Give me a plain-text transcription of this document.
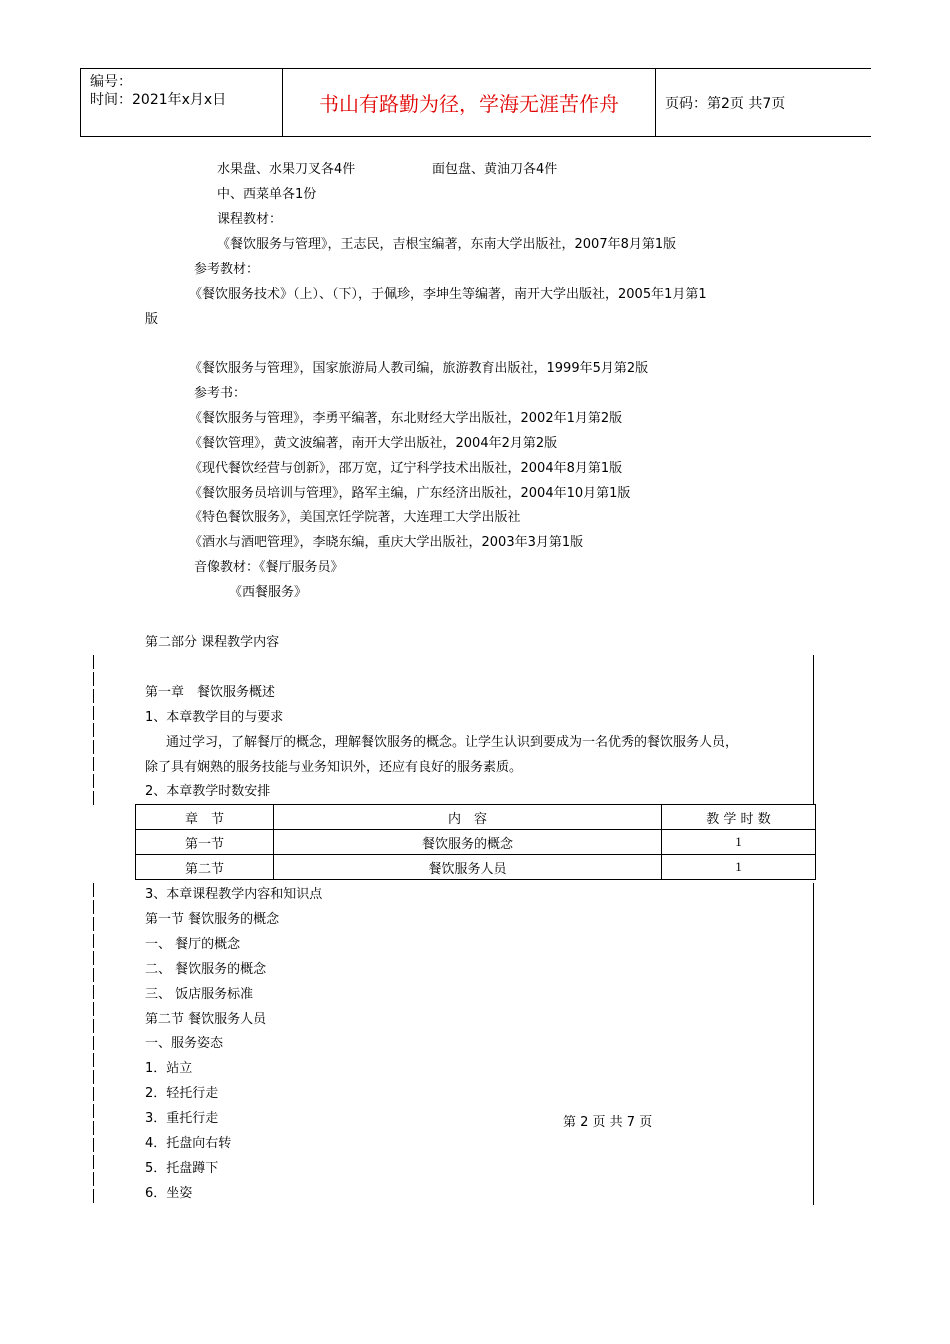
编号：
时间：2021年x月x日	书山有路勤为径，学海无涯苦作舟	页码：第2页 共7页
水果盘、水果刀叉各4件	面包盘、黄油刀各4件
中、西菜单各1份
课程教材：
《餐饮服务与管理》，王志民，吉根宝编著，东南大学出版社，2007年8月第1版
参考教材：
《餐饮服务技术》（上）、（下），于佩珍，李坤生等编著，南开大学出版社，2005年1月第1
版
《餐饮服务与管理》，国家旅游局人教司编，旅游教育出版社，1999年5月第2版
参考书：
《餐饮服务与管理》，李勇平编著，东北财经大学出版社，2002年1月第2版
《餐饮管理》，黄文波编著，南开大学出版社，2004年2月第2版
《现代餐饮经营与创新》，邵万宽，辽宁科学技术出版社，2004年8月第1版
《餐饮服务员培训与管理》，路军主编，广东经济出版社，2004年10月第1版
《特色餐饮服务》，美国烹饪学院著，大连理工大学出版社
《酒水与酒吧管理》，李晓东编，重庆大学出版社，2003年3月第1版
音像教材：《餐厅服务员》
《西餐服务》
第二部分 课程教学内容
第一章　餐饮服务概述
1、本章教学目的与要求
通过学习，了解餐厅的概念，理解餐饮服务的概念。让学生认识到要成为一名优秀的餐饮服务人员，
除了具有娴熟的服务技能与业务知识外，还应有良好的服务素质。
2、本章教学时数安排
章　节	内　容	教 学 时 数
第一节	餐饮服务的概念	1
第二节	餐饮服务人员	1
3、本章课程教学内容和知识点
第一节 餐饮服务的概念
一、 餐厅的概念
二、 餐饮服务的概念
三、 饭店服务标准
第二节 餐饮服务人员
一、服务姿态
1．站立
2．轻托行走
3．重托行走
4．托盘向右转
5．托盘蹲下
6．坐姿
第 2 页 共 7 页
